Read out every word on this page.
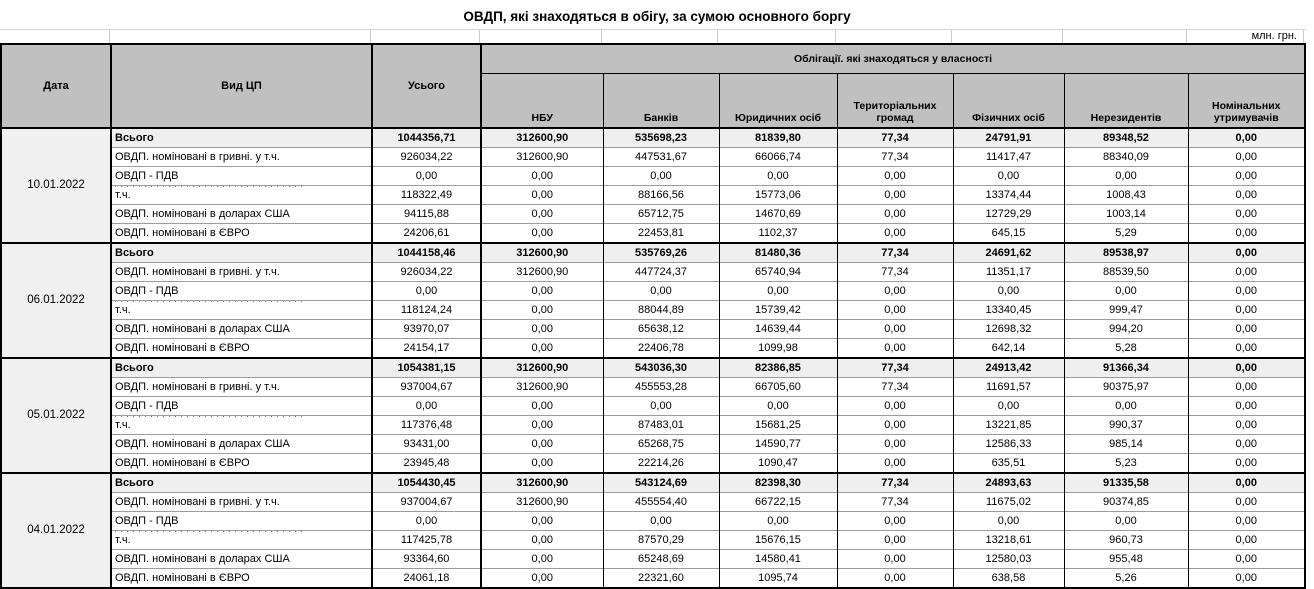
ОВДП, які знаходяться в обігу, за сумою основного боргу
млн. грн.
Дата	Вид ЦП	Усього	Облігації. які знаходяться у власності						
			НБУ	Банків	Юридичних осіб	Територіальних громад	Фізичних осіб	Нерезидентів	Номінальних утримувачів
10.01.2022	Всього	1044356,71	312600,90	535698,23	81839,80	77,34	24791,91	89348,52	0,00
	ОВДП. номіновані в гривні. у т.ч.	926034,22	312600,90	447531,67	66066,74	77,34	11417,47	88340,09	0,00
	ОВДП - ПДВ	0,00	0,00	0,00	0,00	0,00	0,00	0,00	0,00
	т.ч.	118322,49	0,00	88166,56	15773,06	0,00	13374,44	1008,43	0,00
	ОВДП. номіновані в доларах США	94115,88	0,00	65712,75	14670,69	0,00	12729,29	1003,14	0,00
	ОВДП. номіновані в ЄВРО	24206,61	0,00	22453,81	1102,37	0,00	645,15	5,29	0,00
06.01.2022	Всього	1044158,46	312600,90	535769,26	81480,36	77,34	24691,62	89538,97	0,00
	ОВДП. номіновані в гривні. у т.ч.	926034,22	312600,90	447724,37	65740,94	77,34	11351,17	88539,50	0,00
	ОВДП - ПДВ	0,00	0,00	0,00	0,00	0,00	0,00	0,00	0,00
	т.ч.	118124,24	0,00	88044,89	15739,42	0,00	13340,45	999,47	0,00
	ОВДП. номіновані в доларах США	93970,07	0,00	65638,12	14639,44	0,00	12698,32	994,20	0,00
	ОВДП. номіновані в ЄВРО	24154,17	0,00	22406,78	1099,98	0,00	642,14	5,28	0,00
05.01.2022	Всього	1054381,15	312600,90	543036,30	82386,85	77,34	24913,42	91366,34	0,00
	ОВДП. номіновані в гривні. у т.ч.	937004,67	312600,90	455553,28	66705,60	77,34	11691,57	90375,97	0,00
	ОВДП - ПДВ	0,00	0,00	0,00	0,00	0,00	0,00	0,00	0,00
	т.ч.	117376,48	0,00	87483,01	15681,25	0,00	13221,85	990,37	0,00
	ОВДП. номіновані в доларах США	93431,00	0,00	65268,75	14590,77	0,00	12586,33	985,14	0,00
	ОВДП. номіновані в ЄВРО	23945,48	0,00	22214,26	1090,47	0,00	635,51	5,23	0,00
04.01.2022	Всього	1054430,45	312600,90	543124,69	82398,30	77,34	24893,63	91335,58	0,00
	ОВДП. номіновані в гривні. у т.ч.	937004,67	312600,90	455554,40	66722,15	77,34	11675,02	90374,85	0,00
	ОВДП - ПДВ	0,00	0,00	0,00	0,00	0,00	0,00	0,00	0,00
	т.ч.	117425,78	0,00	87570,29	15676,15	0,00	13218,61	960,73	0,00
	ОВДП. номіновані в доларах США	93364,60	0,00	65248,69	14580,41	0,00	12580,03	955,48	0,00
	ОВДП. номіновані в ЄВРО	24061,18	0,00	22321,60	1095,74	0,00	638,58	5,26	0,00
